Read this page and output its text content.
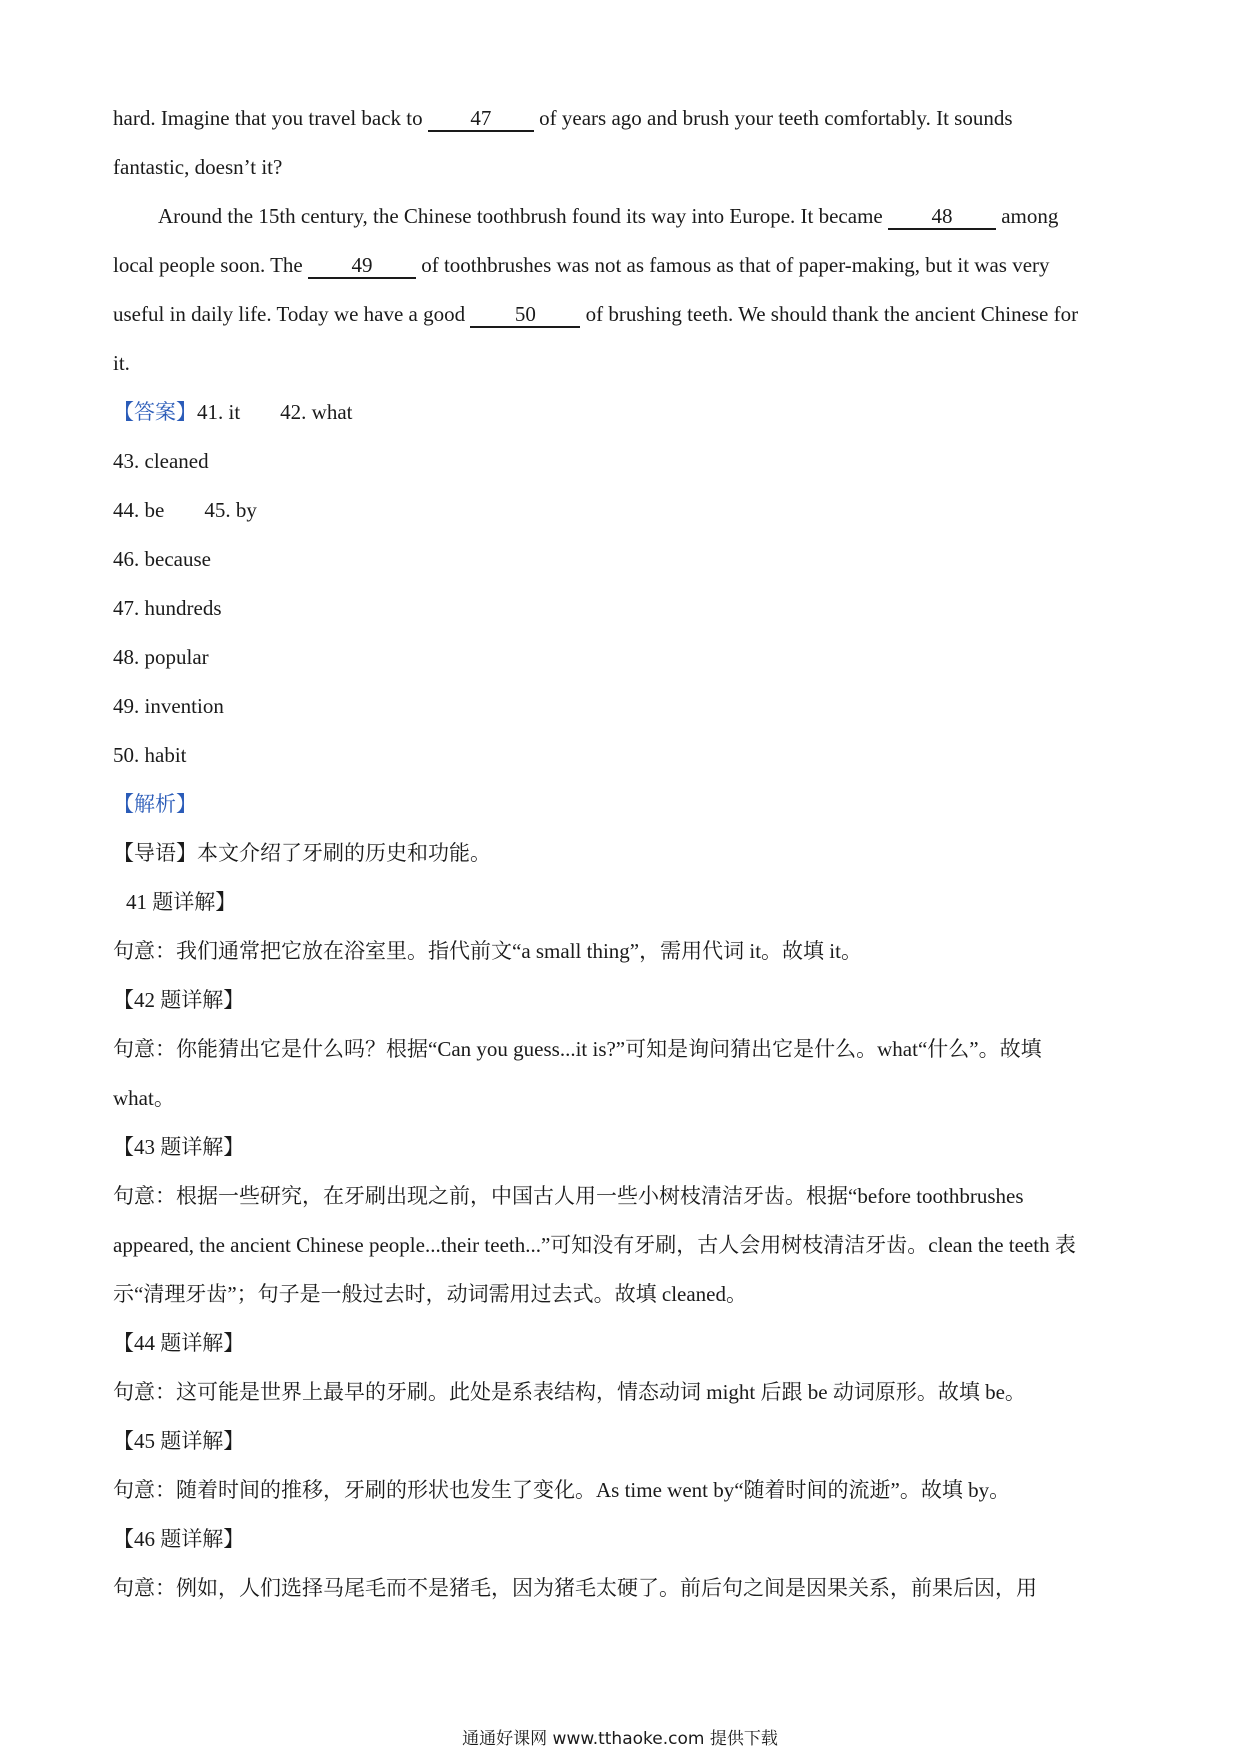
hard. Imagine that you travel back to 47 of years ago and brush your teeth comfortably. It sounds
fantastic, doesn’t it?
Around the 15th century, the Chinese toothbrush found its way into Europe. It became 48 among
local people soon. The 49 of toothbrushes was not as famous as that of paper-making, but it was very
useful in daily life. Today we have a good 50 of brushing teeth. We should thank the ancient Chinese for
it.
【答案】41. it 42. what
43. cleaned
44. be 45. by
46. because
47. hundreds
48. popular
49. invention
50. habit
【解析】
【导语】本文介绍了牙刷的历史和功能。
41 题详解】
句意：我们通常把它放在浴室里。指代前文“a small thing”，需用代词 it。故填 it。
【42 题详解】
句意：你能猜出它是什么吗？根据“Can you guess...it is?”可知是询问猜出它是什么。what“什么”。故填
what。
【43 题详解】
句意：根据一些研究，在牙刷出现之前，中国古人用一些小树枝清洁牙齿。根据“before toothbrushes
appeared, the ancient Chinese people...their teeth...”可知没有牙刷，古人会用树枝清洁牙齿。clean the teeth 表
示“清理牙齿”；句子是一般过去时，动词需用过去式。故填 cleaned。
【44 题详解】
句意：这可能是世界上最早的牙刷。此处是系表结构，情态动词 might 后跟 be 动词原形。故填 be。
【45 题详解】
句意：随着时间的推移，牙刷的形状也发生了变化。As time went by“随着时间的流逝”。故填 by。
【46 题详解】
句意：例如，人们选择马尾毛而不是猪毛，因为猪毛太硬了。前后句之间是因果关系，前果后因，用
通通好课网 www.tthaoke.com 提供下载
